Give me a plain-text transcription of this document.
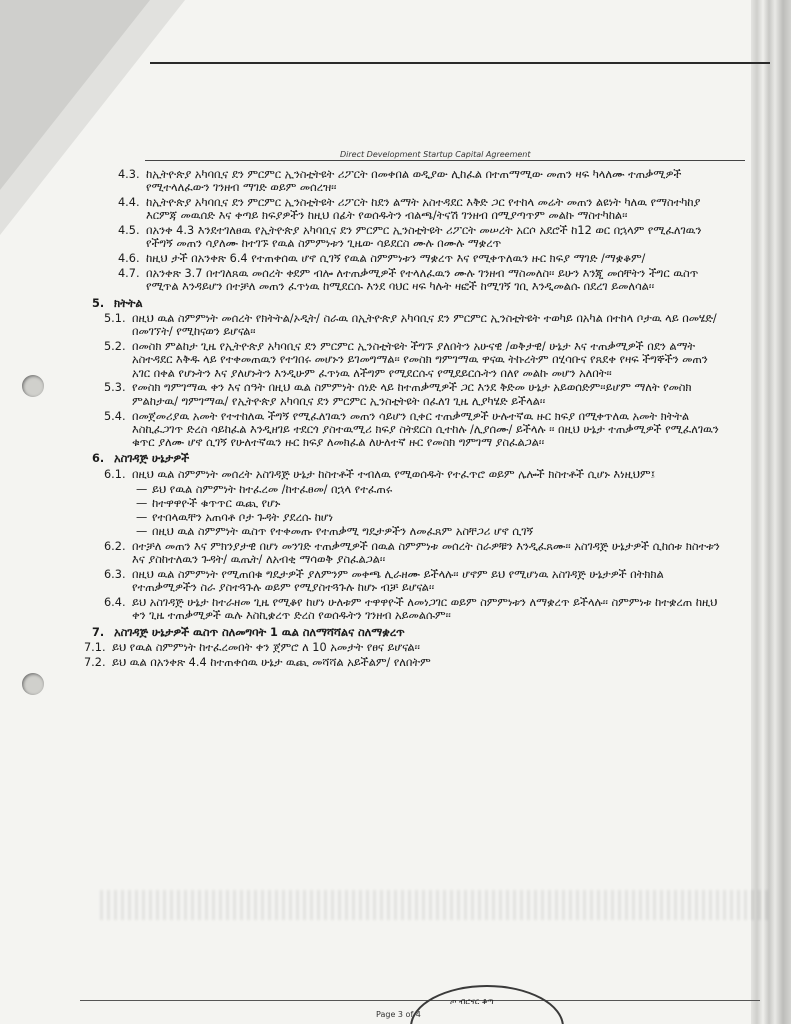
Direct Development Startup Capital Agreement
4.3. ከኢትዮጵያ አካባቢና ደን ምርምር ኢንስቲትዩት ሪፖርት በመቀበል ወዲያው ሊከፈል በተጠማሚው መጠን ዛፍ ካላለሙ ተጠቃሚዎች የሚተላለፈውን ገንዘብ ማገድ ወይም መሰረዝ፡፡
4.4. ከኢትዮጵያ አካባቢና ደን ምርምር ኢንስቲትዩት ሪፖርት ከደን ልማት አስተዳደር እቅድ ጋር የተከላ መሬት መጠን ልዩነት ካለዉ የማስተካከያ እርምጃ መዉሰድ እና ቀጣይ ክፍያዎችን ከዚህ በፊት የወሰዱትን ብልጫ/ትናሽ ገንዘብ በሚያጣጥም መልኩ ማስተካከል፡፡
4.5. በአንቀ 4.3 እንደተገለፀዉ የኢትዮጵያ አካባቢና ደን ምርምር ኢንስቲትዩት ሪፖርት መሠረት አርሶ አደሮች ከ12 ወር በኋላም የሚፈለገዉን የችግኝ መጠን ሳያለሙ ከተገኙ የዉል ስምምነቱን ጊዜው ሳይደርስ ሙሉ በሙሉ ማቋረጥ
4.6. ከዚህ ታች በአንቀጽ 6.4 የተጠቀሰዉ ሆኖ ሲገኝ የዉል ስምምነቱን ማቋረጥ እና የሚቀጥለዉን ዙር ክፍያ ማገድ /ማቋቆም/
4.7. በአንቀጽ 3.7 በተገለጸዉ መሰረት ቀደም ብሎ ለተጠቃሚዎች የተላለፈዉን ሙሉ ገንዘብ ማስመለስ፡፡ ይሁን እንጂ መሰቸትን ችግር ዉስጥ የሚጥል እንዳይሆን በተቻለ መጠን ፈጥነዉ ከሚደርሱ እንደ ባህር ዛፍ ካሉት ዛፎች ከሚገኝ ገቢ እንዲመልሱ በደረገ ይመለሳል፡፡
5. ክትትል
5.1. በዚህ ዉል ስምምነት መሰረት የክትትል/ኦዲት/ ስራዉ በኢትዮጵያ አካባቢና ደን ምርምር ኢንስቲትዩት ተወካይ በአካል በተከላ ቦታዉ ላይ በመሄድ/በመገኘት/ የሚከናወን ይሆናል፡፡
5.2. በመስክ ምልከታ ጊዜ የኢትዮጵያ አካባቢና ደን ምርምር ኢንስቲትዩት ችግኙ ያለበትን አሁናዊ /ወቅታዊ/ ሁኔታ እና ተጠቃሚዎች በደን ልማት አስተዳደር እቅዱ ላይ የተቀመጠዉን የተገበሩ መሆኑን ይገመግማል፡፡ የመስክ ግምገማዉ ዋናዉ ትኩረትም በሂሳቡና የጸደቀ የዛፍ ችግኞችን መጠን አገር በቀል የሆኑትን እና ያለሆኑትን እንዲሁም ፈጥነዉ ለችግም የሚደርሱና የሚደይርሱትን በለየ መልኩ መሆን አለበት፡፡
5.3. የመስክ ግምገማዉ ቀን እና ሰዓት በዚህ ዉል ስምምነት ሰነድ ላይ ከተጠቃሚዎች ጋር እንደ ቅድመ ሁኔታ አይወሰድም፡፡ይሆም ማለት የመስክ ምልከታዉ/ ግምገማዉ/ የኢትዮጵያ አካባቢና ደን ምርምር ኢንስቲትዩት በፈለገ ጊዜ ሊያካሄድ ይችላል፡፡
5.4. በመጀመሪያዉ አመት የተተከለዉ ችግኝ የሚፈለገዉን መጠን ሳይሆን ቢቀር ተጠቃሚዎች ሁሉተኛዉ ዙር ክፍያ በሚቀጥለዉ አመት ክትትል እስኪፈጋገጥ ድረስ ሳይከፈል እንዲዘገይ ተደርጎ ያስተዉሚሪ ክፍያ ስትደርስ ሲተከሉ /ሊያሰሙ/ ይችላሉ ፡፡ በዚህ ሁኔታ ተጠቃሚዎች የሚፈለገዉን ቁጥር ያለሙ ሆኖ ሲገኝ የሁለተኛዉን ዙር ክፍያ ለመክፈል ለሁለተኛ ዙር የመስክ ግምገማ ያስፈልጋል፡፡
6. አስገዳጅ ሁኔታዎች
6.1. በዚህ ዉል ስምምነት መሰረት አስገዳጅ ሁኔታ ከስተቶች ተብለዉ የሚወሰዱት የተፈጥሮ ወይም ሌሎች ክስተቶች ሲሆኑ እነዚህም፤
— ይህ የዉል ስምምነት ከተፈረመ /ከተፈፀመ/ በኋላ የተፈጠሩ
— ከተዋዋዮች ቁጥጥር ዉጪ የሆኑ
— የተበላዉቸን አጠባቶ ቦታ ጉዳት ያደረሱ ከሆነ
— በዚህ ዉል ስምምነት ዉስጥ የተቀመጡ የተጠቃሚ ግዴታዎችን ለመፈጸም አስቸጋሪ ሆኖ ሲገኝ
6.2. በተቻለ መጠን እና ምክንያታዊ በሆነ መንገድ ተጠቃሚዎች በዉል ስምምነቱ መሰረት ስራዎቹን እንዲፈጸሙ፡፡ አስገዳጅ ሁኔታዎች ሲከሰቱ ክስተቱን እና ያስከተለዉን ጉዳት/ ዉጤት/ ለአብቂ ማሳወቅ ያስፈልጋል፡፡
6.3. በዚህ ዉል ስምምነት የሚጠበቁ ግዴታዎች ያለምንም መቀጫ ሊራዘሙ ይችላሉ፡፡ ሆኖም ይህ የሚሆነዉ አስገዳጅ ሁኔታዎች በትክክል የተጠቃሚዎችን ስራ ያስተጓጉሉ ወይም የሚያስተጓጉሉ ከሆኑ ብቻ ይሆናል፡፡
6.4. ይህ አስገዳጅ ሁኔታ ከተራዘመ ጊዜ የሚቆየ ከሆነ ሁለቱም ተዋዋዮች ለመነጋገር ወይም ስምምነቱን ለማቋረጥ ይችላሉ፡፡ ስምምነቱ ከተቋረጠ ከዚህ ቀን ጊዜ ተጠቃሚዎች ዉሉ እስኪቋረጥ ድረስ የወሰዱትን ገንዘብ አይመልሱም፡፡
7. አስገዳጅ ሁኔታዎች ዉስጥ ስለመግባት 1 ዉል ስለማሻሻልና ስለማቋረጥ
7.1. ይህ የዉል ስምምነት ከተፈረመበት ቀን ጀምሮ ለ 10 አመታት የፀና ይሆናል፡፡
7.2. ይህ ዉል በአንቀጽ 4.4 ከተጠቀሰዉ ሁኔታ ዉጪ መሻሻል አይችልም/ የለበትም
ጦ ብሮናር ቆጣ
Page 3 of 4
